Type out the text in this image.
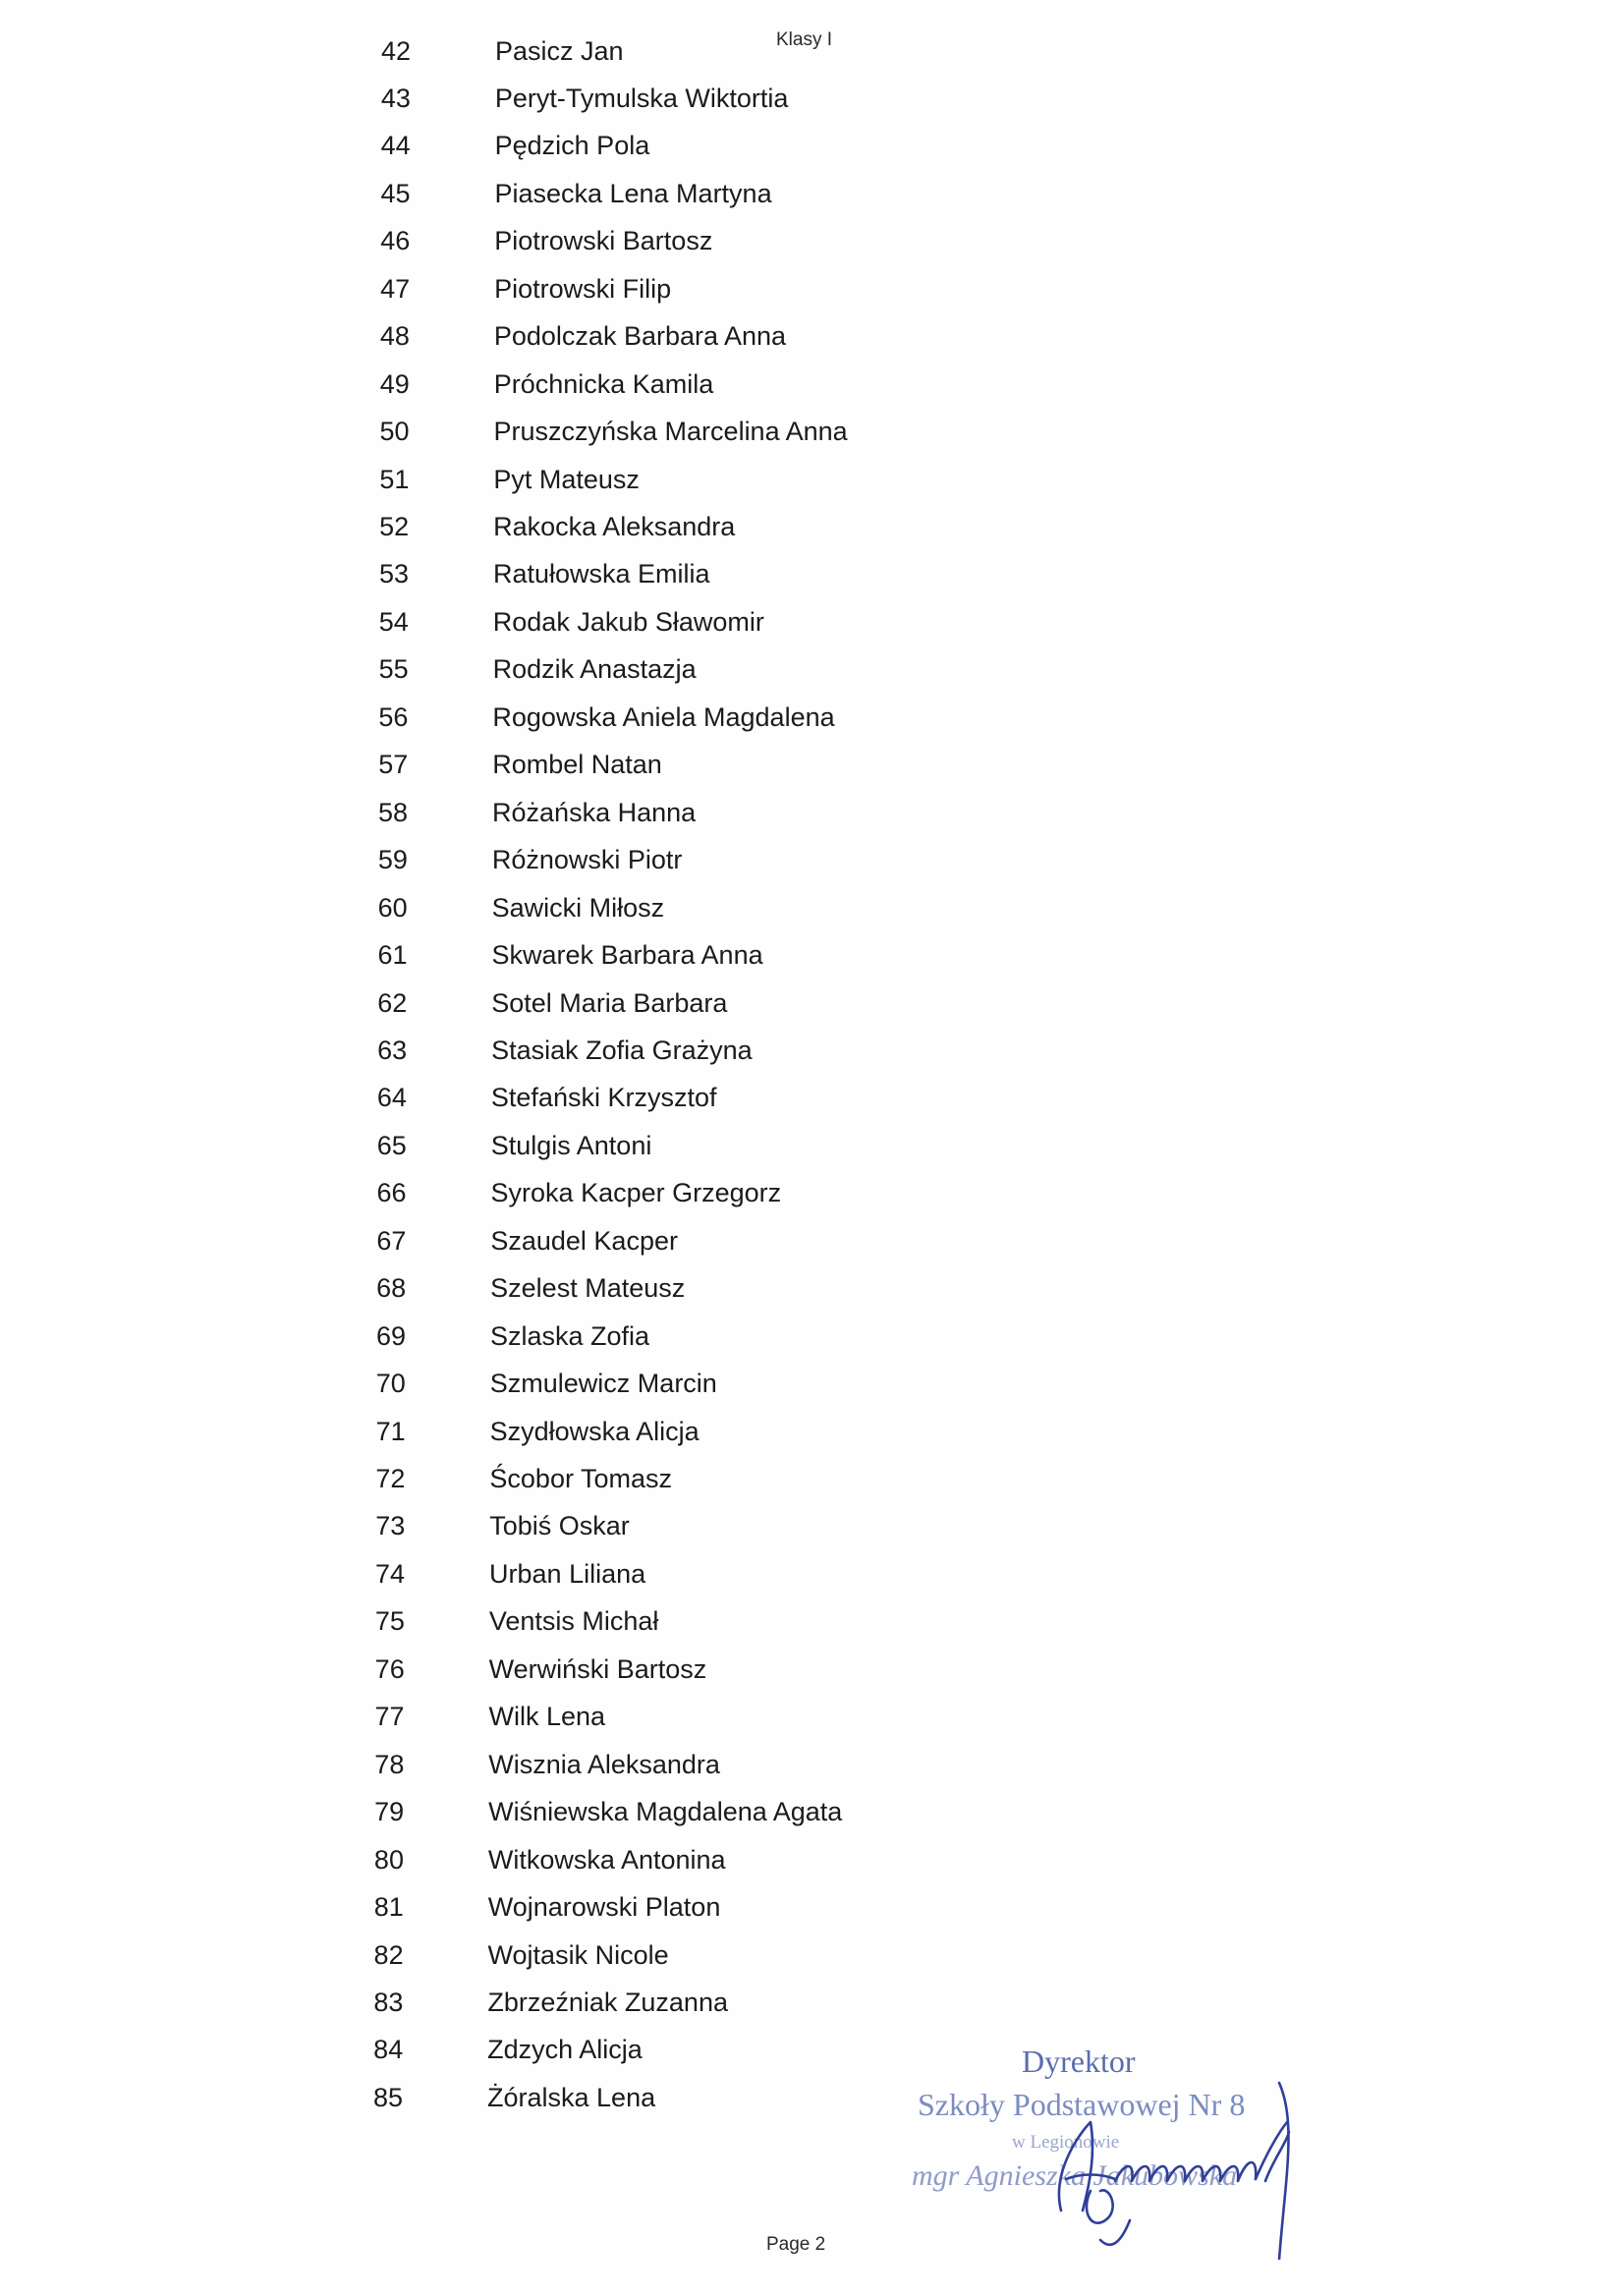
Klasy I
42	Pasicz Jan
43	Peryt-Tymulska Wiktortia
44	Pędzich Pola
45	Piasecka Lena Martyna
46	Piotrowski Bartosz
47	Piotrowski Filip
48	Podolczak Barbara Anna
49	Próchnicka Kamila
50	Pruszczyńska Marcelina Anna
51	Pyt Mateusz
52	Rakocka Aleksandra
53	Ratułowska Emilia
54	Rodak Jakub Sławomir
55	Rodzik Anastazja
56	Rogowska Aniela Magdalena
57	Rombel Natan
58	Różańska Hanna
59	Różnowski Piotr
60	Sawicki Miłosz
61	Skwarek Barbara Anna
62	Sotel Maria Barbara
63	Stasiak Zofia Grażyna
64	Stefański Krzysztof
65	Stulgis Antoni
66	Syroka Kacper Grzegorz
67	Szaudel Kacper
68	Szelest Mateusz
69	Szlaska Zofia
70	Szmulewicz Marcin
71	Szydłowska Alicja
72	Ścobor Tomasz
73	Tobiś Oskar
74	Urban Liliana
75	Ventsis Michał
76	Werwiński Bartosz
77	Wilk Lena
78	Wisznia Aleksandra
79	Wiśniewska Magdalena Agata
80	Witkowska Antonina
81	Wojnarowski Platon
82	Wojtasik Nicole
83	Zbrzeźniak Zuzanna
84	Zdzych Alicja
85	Żóralska Lena
Dyrektor
Szkoły Podstawowej Nr 8
w Legionowie
mgr Agnieszka Jakubowska
Page 2
